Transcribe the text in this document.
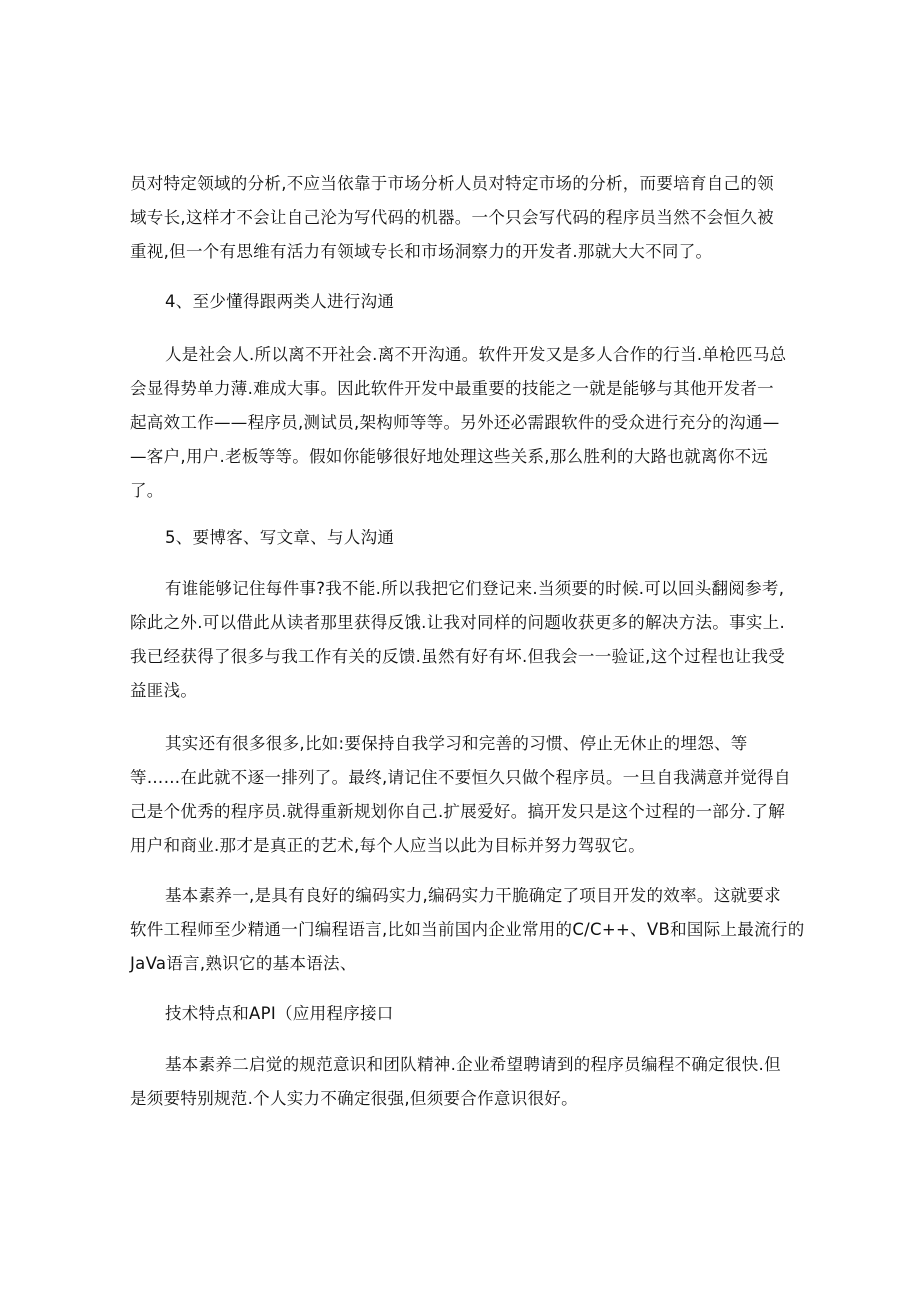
员对特定领域的分析,不应当依靠于市场分析人员对特定市场的分析，而要培育自己的领
域专长,这样才不会让自己沦为写代码的机器。一个只会写代码的程序员当然不会恒久被
重视,但一个有思维有活力有领域专长和市场洞察力的开发者.那就大大不同了。
4、至少懂得跟两类人进行沟通
人是社会人.所以离不开社会.离不开沟通。软件开发又是多人合作的行当.单枪匹马总
会显得势单力薄.难成大事。因此软件开发中最重要的技能之一就是能够与其他开发者一
起高效工作——程序员,测试员,架构师等等。另外还必需跟软件的受众进行充分的沟通—
—客户,用户.老板等等。假如你能够很好地处理这些关系,那么胜利的大路也就离你不远
了。
5、要博客、写文章、与人沟通
有谁能够记住每件事?我不能.所以我把它们登记来.当须要的时候.可以回头翻阅参考,
除此之外.可以借此从读者那里获得反饿.让我对同样的问题收获更多的解决方法。事实上.
我已经获得了很多与我工作有关的反馈.虽然有好有坏.但我会一一验证,这个过程也让我受
益匪浅。
其实还有很多很多,比如:要保持自我学习和完善的习惯、停止无休止的埋怨、等
等……在此就不逐一排列了。最终,请记住不要恒久只做个程序员。一旦自我满意并觉得自
己是个优秀的程序员.就得重新规划你自己.扩展爱好。搞开发只是这个过程的一部分.了解
用户和商业.那才是真正的艺术,每个人应当以此为目标并努力驾驭它。
基本素养一,是具有良好的编码实力,编码实力干脆确定了项目开发的效率。这就要求
软件工程师至少精通一门编程语言,比如当前国内企业常用的C/C++、VB和国际上最流行的
JaVa语言,熟识它的基本语法、
技术特点和API（应用程序接口
基本素养二启觉的规范意识和团队精神.企业希望聘请到的程序员编程不确定很快.但
是须要特别规范.个人实力不确定很强,但须要合作意识很好。
